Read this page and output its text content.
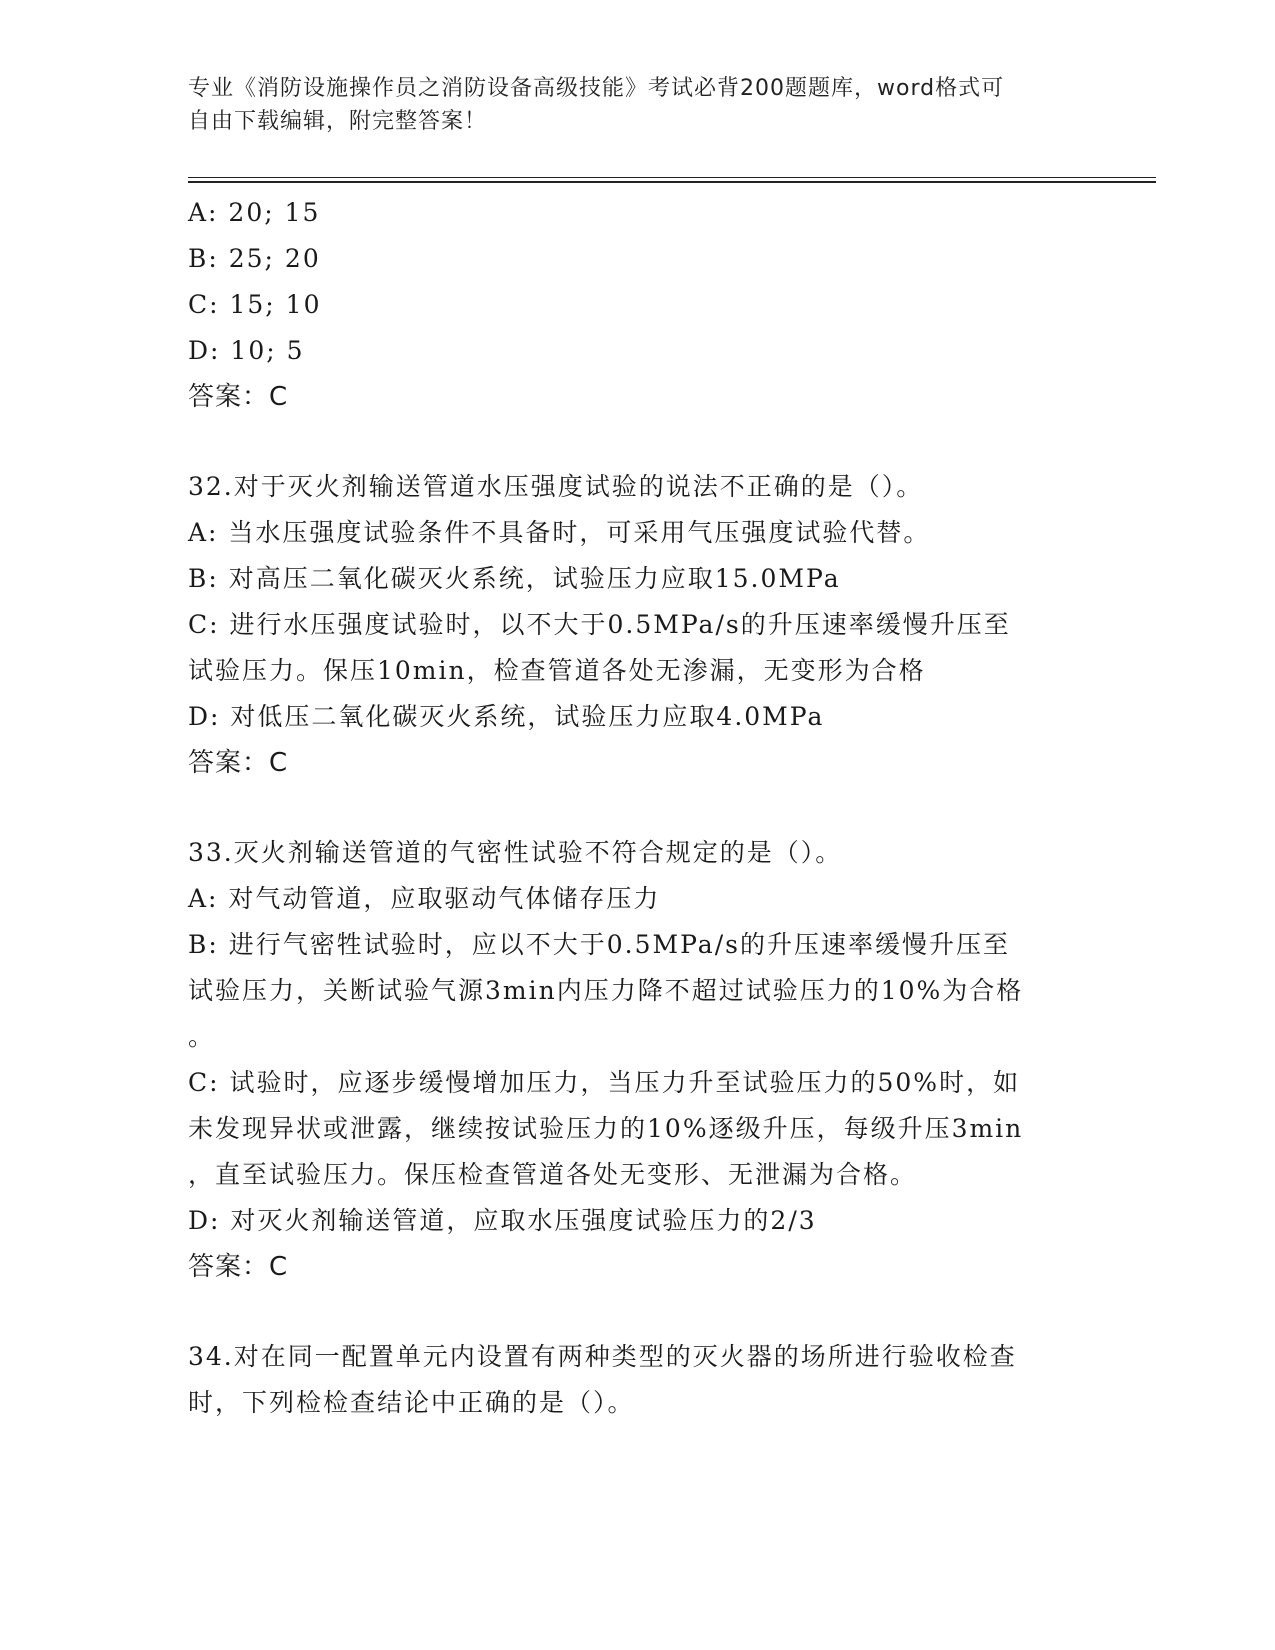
专业《消防设施操作员之消防设备高级技能》考试必背200题题库，word格式可
自由下载编辑，附完整答案！
A: 20; 15
B: 25; 20
C: 15; 10
D: 10; 5
答案：C
32.对于灭火剂输送管道水压强度试验的说法不正确的是（）。
A: 当水压强度试验条件不具备时，可采用气压强度试验代替。
B: 对高压二氧化碳灭火系统，试验压力应取15.0MPa
C: 进行水压强度试验时，以不大于0.5MPa/s的升压速率缓慢升压至
试验压力。保压10min，检查管道各处无渗漏，无变形为合格
D: 对低压二氧化碳灭火系统，试验压力应取4.0MPa
答案：C
33.灭火剂输送管道的气密性试验不符合规定的是（）。
A: 对气动管道，应取驱动气体储存压力
B: 进行气密牲试验时，应以不大于0.5MPa/s的升压速率缓慢升压至
试验压力，关断试验气源3min内压力降不超过试验压力的10%为合格
。
C: 试验时，应逐步缓慢增加压力，当压力升至试验压力的50%时，如
未发现异状或泄露，继续按试验压力的10%逐级升压，每级升压3min
，直至试验压力。保压检查管道各处无变形、无泄漏为合格。
D: 对灭火剂输送管道，应取水压强度试验压力的2/3
答案：C
34.对在同一配置单元内设置有两种类型的灭火器的场所进行验收检查
时，下列检检查结论中正确的是（）。
